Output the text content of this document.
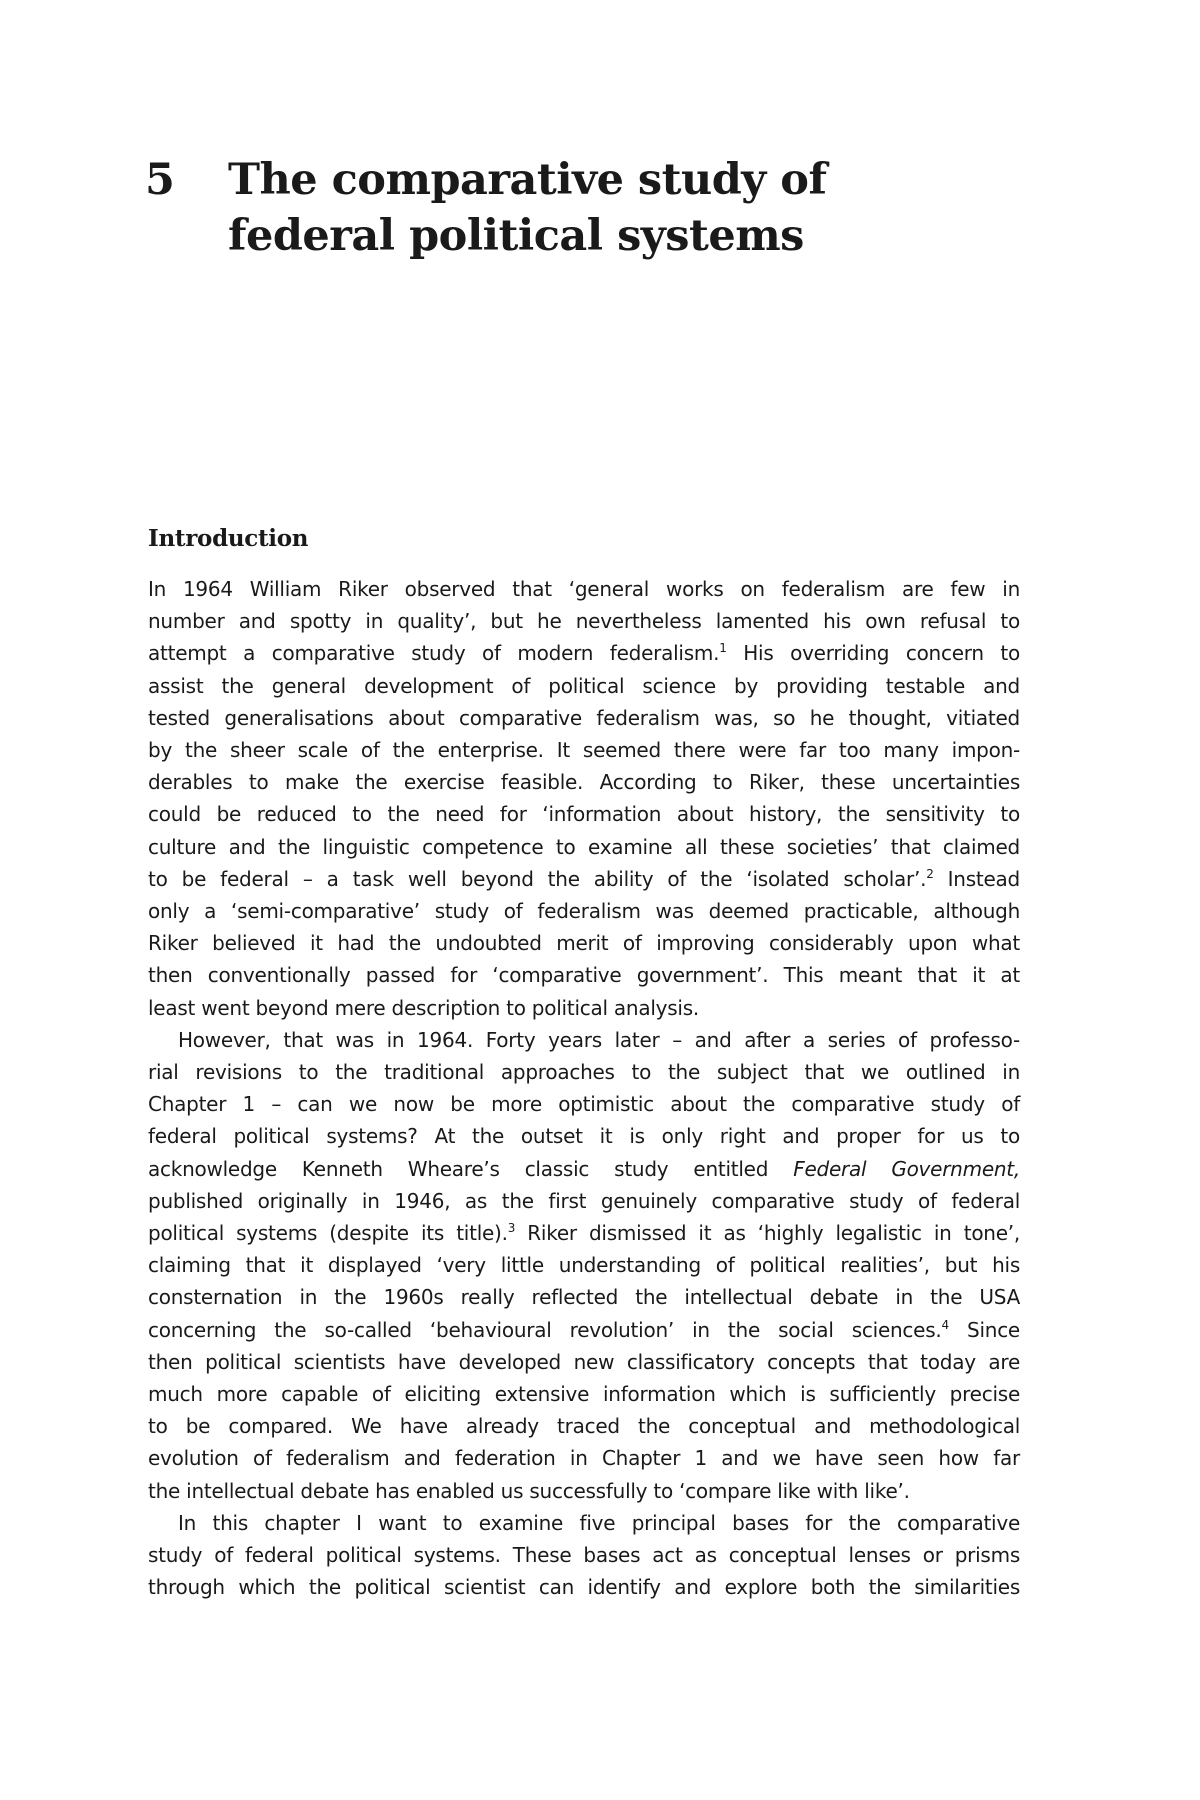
5 The comparative study of
federal political systems
Introduction
In 1964 William Riker observed that ‘general works on federalism are few in
number and spotty in quality’, but he nevertheless lamented his own refusal to
attempt a comparative study of modern federalism.$^1$ His overriding concern to
assist the general development of political science by providing testable and
tested generalisations about comparative federalism was, so he thought, vitiated
by the sheer scale of the enterprise. It seemed there were far too many impon-
derables to make the exercise feasible. According to Riker, these uncertainties
could be reduced to the need for ‘information about history, the sensitivity to
culture and the linguistic competence to examine all these societies’ that claimed
to be federal – a task well beyond the ability of the ‘isolated scholar’.$^2$ Instead
only a ‘semi-comparative’ study of federalism was deemed practicable, although
Riker believed it had the undoubted merit of improving considerably upon what
then conventionally passed for ‘comparative government’. This meant that it at
least went beyond mere description to political analysis.
However, that was in 1964. Forty years later – and after a series of professo-
rial revisions to the traditional approaches to the subject that we outlined in
Chapter 1 – can we now be more optimistic about the comparative study of
federal political systems? At the outset it is only right and proper for us to
acknowledge Kenneth Wheare’s classic study entitled Federal Government,
published originally in 1946, as the first genuinely comparative study of federal
political systems (despite its title).$^3$ Riker dismissed it as ‘highly legalistic in tone’,
claiming that it displayed ‘very little understanding of political realities’, but his
consternation in the 1960s really reflected the intellectual debate in the USA
concerning the so-called ‘behavioural revolution’ in the social sciences.$^4$ Since
then political scientists have developed new classificatory concepts that today are
much more capable of eliciting extensive information which is sufficiently precise
to be compared. We have already traced the conceptual and methodological
evolution of federalism and federation in Chapter 1 and we have seen how far
the intellectual debate has enabled us successfully to ‘compare like with like’.
In this chapter I want to examine five principal bases for the comparative
study of federal political systems. These bases act as conceptual lenses or prisms
through which the political scientist can identify and explore both the similarities
